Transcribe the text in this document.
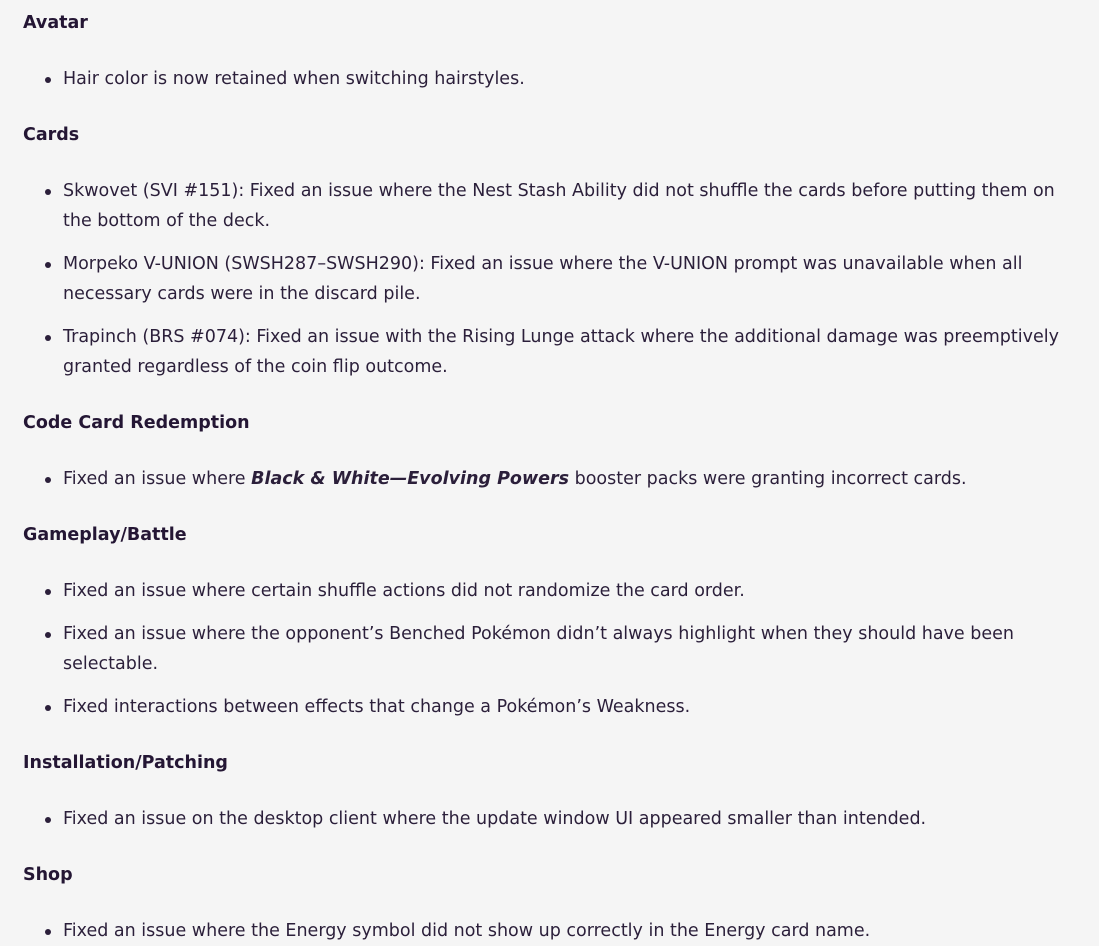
Avatar
Hair color is now retained when switching hairstyles.
Cards
Skwovet (SVI #151): Fixed an issue where the Nest Stash Ability did not shuffle the cards before putting them on the bottom of the deck.
Morpeko V-UNION (SWSH287–SWSH290): Fixed an issue where the V-UNION prompt was unavailable when all necessary cards were in the discard pile.
Trapinch (BRS #074): Fixed an issue with the Rising Lunge attack where the additional damage was preemptively granted regardless of the coin flip outcome.
Code Card Redemption
Fixed an issue where Black & White—Evolving Powers booster packs were granting incorrect cards.
Gameplay/Battle
Fixed an issue where certain shuffle actions did not randomize the card order.
Fixed an issue where the opponent’s Benched Pokémon didn’t always highlight when they should have been selectable.
Fixed interactions between effects that change a Pokémon’s Weakness.
Installation/Patching
Fixed an issue on the desktop client where the update window UI appeared smaller than intended.
Shop
Fixed an issue where the Energy symbol did not show up correctly in the Energy card name.
